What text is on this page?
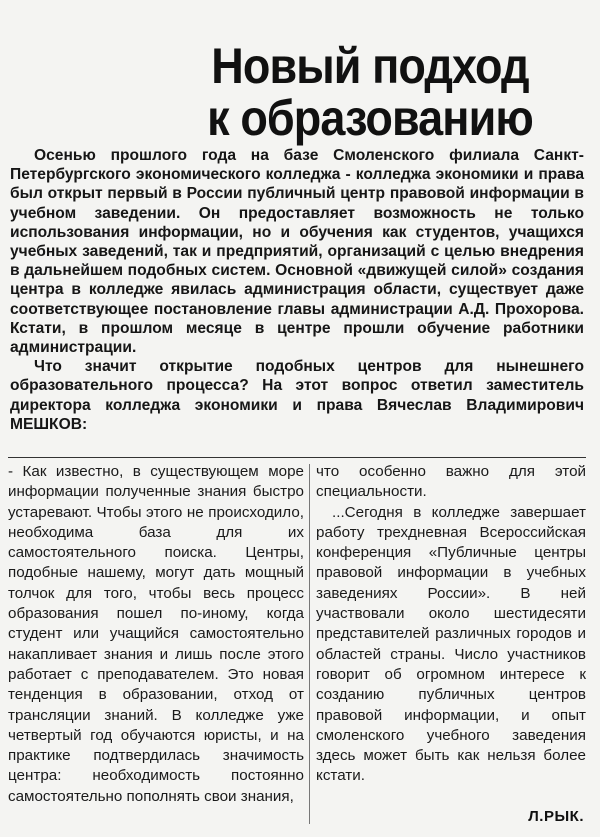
Новый подход
к образованию

Осенью прошлого года на базе Смоленского филиала Санкт-Петербургского экономического колледжа - колледжа экономики и права был открыт первый в России публичный центр правовой информации в учебном заведении. Он предоставляет возможность не только использования информации, но и обучения как студентов, учащихся учебных заведений, так и предприятий, организаций с целью внедрения в дальнейшем подобных систем. Основной «движущей силой» создания центра в колледже явилась администрация области, существует даже соответствующее постановление главы администрации А.Д. Прохорова. Кстати, в прошлом месяце в центре прошли обучение работники администрации.

Что значит открытие подобных центров для нынешнего образовательного процесса? На этот вопрос ответил заместитель директора колледжа экономики и права Вячеслав Владимирович МЕШКОВ:

- Как известно, в существующем море информации полученные знания быстро устаревают. Чтобы этого не происходило, необходима база для их самостоятельного поиска. Центры, подобные нашему, могут дать мощный толчок для того, чтобы весь процесс образования пошел по-иному, когда студент или учащийся самостоятельно накапливает знания и лишь после этого работает с преподавателем. Это новая тенденция в образовании, отход от трансляции знаний. В колледже уже четвертый год обучаются юристы, и на практике подтвердилась значимость центра: необходимость постоянно самостоятельно пополнять свои знания,

что особенно важно для этой специальности.

...Сегодня в колледже завершает работу трехдневная Всероссийская конференция «Публичные центры правовой информации в учебных заведениях России». В ней участвовали около шестидесяти представителей различных городов и областей страны. Число участников говорит об огромном интересе к созданию публичных центров правовой информации, и опыт смоленского учебного заведения здесь может быть как нельзя более кстати.

Л.РЫК.
